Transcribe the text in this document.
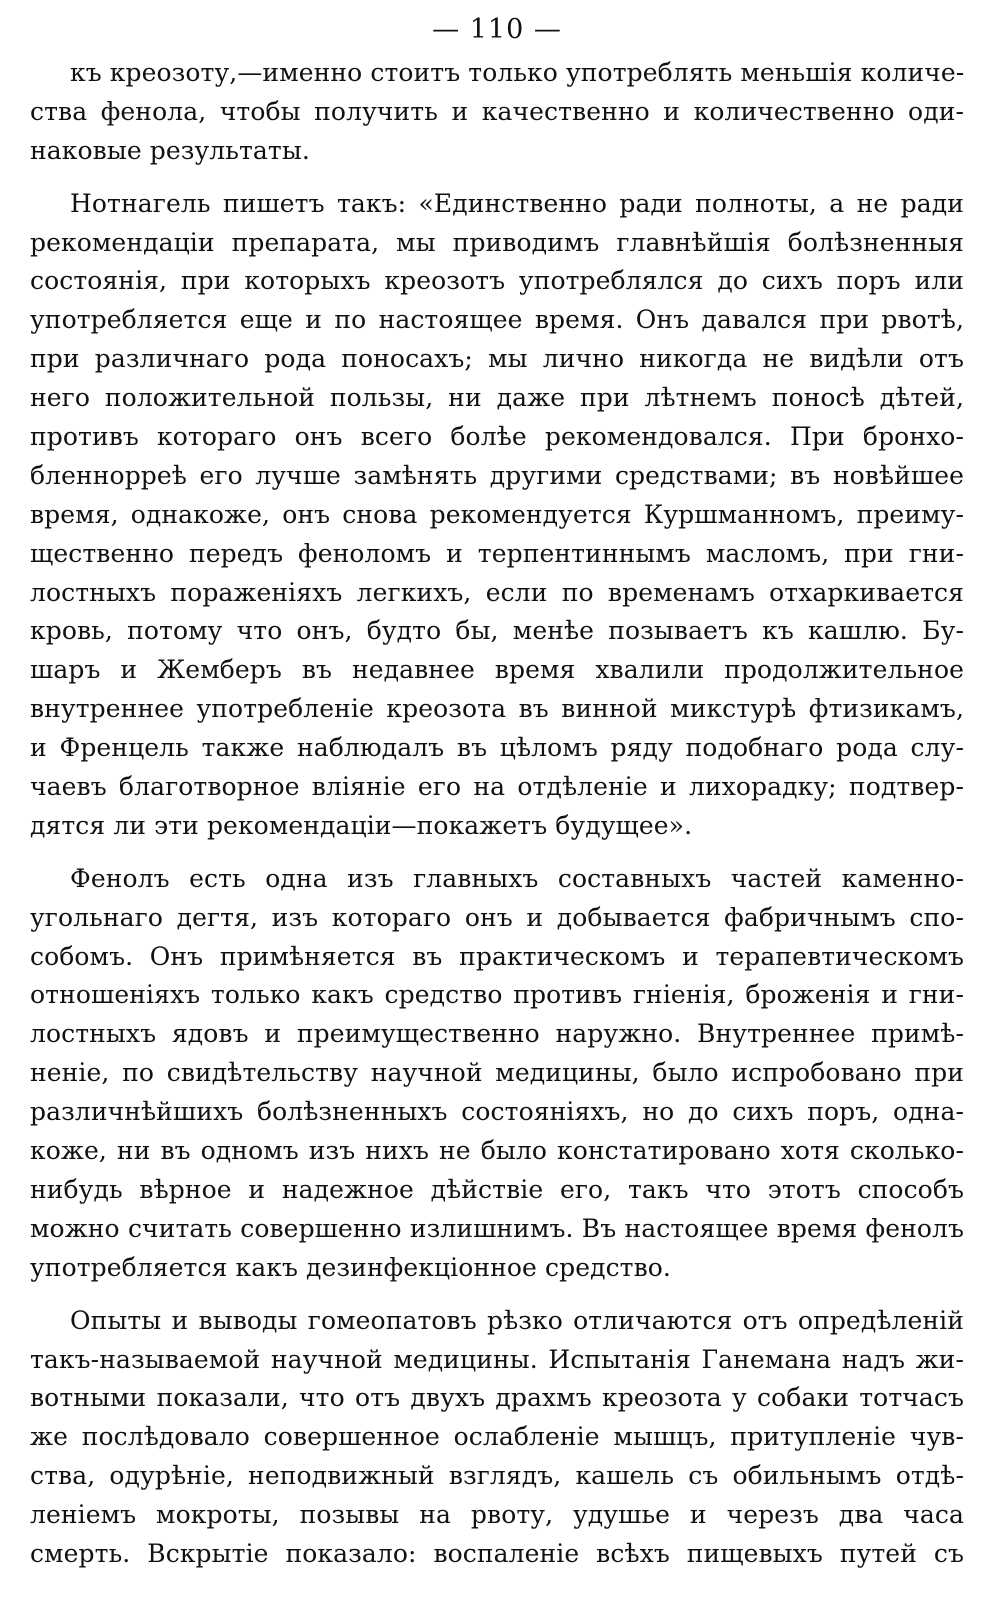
— 110 —
къ креозоту,—именно стоитъ только употреблять меньшія количе-
ства фенола, чтобы получить и качественно и количественно оди-
наковые результаты.
Нотнагель пишетъ такъ: «Единственно ради полноты, а не ради
рекомендаціи препарата, мы приводимъ главнѣйшія болѣзненныя
состоянія, при которыхъ креозотъ употреблялся до сихъ поръ или
употребляется еще и по настоящее время. Онъ давался при рвотѣ,
при различнаго рода поносахъ; мы лично никогда не видѣли отъ
него положительной пользы, ни даже при лѣтнемъ поносѣ дѣтей,
противъ котораго онъ всего болѣе рекомендовался. При бронхо-
бленноррeѣ его лучше замѣнять другими средствами; въ новѣйшее
время, однакоже, онъ снова рекомендуется Куршманномъ, преиму-
щественно передъ феноломъ и терпентиннымъ масломъ, при гни-
лостныхъ пораженіяхъ легкихъ, если по временамъ отхаркивается
кровь, потому что онъ, будто бы, менѣе позываетъ къ кашлю. Бу-
шаръ и Жемберъ въ недавнее время хвалили продолжительное
внутреннее употребленіе креозота въ винной микстурѣ фтизикамъ,
и Френцель также наблюдалъ въ цѣломъ ряду подобнаго рода слу-
чаевъ благотворное вліяніе его на отдѣленіе и лихорадку; подтвер-
дятся ли эти рекомендаціи—покажетъ будущее».
Фенолъ есть одна изъ главныхъ составныхъ частей каменно-
угольнаго дегтя, изъ котораго онъ и добывается фабричнымъ спо-
собомъ. Онъ примѣняется въ практическомъ и терапевтическомъ
отношеніяхъ только какъ средство противъ гніенія, броженія и гни-
лостныхъ ядовъ и преимущественно наружно. Внутреннее примѣ-
неніе, по свидѣтельству научной медицины, было испробовано при
различнѣйшихъ болѣзненныхъ состояніяхъ, но до сихъ поръ, одна-
коже, ни въ одномъ изъ нихъ не было констатировано хотя сколько-
нибудь вѣрное и надежное дѣйствіе его, такъ что этотъ способъ
можно считать совершенно излишнимъ. Въ настоящее время фенолъ
употребляется какъ дезинфекціонное средство.
Опыты и выводы гомеопатовъ рѣзко отличаются отъ опредѣленій
такъ-называемой научной медицины. Испытанія Ганемана надъ жи-
вотными показали, что отъ двухъ драхмъ креозота у собаки тотчасъ
же послѣдовало совершенное ослабленіе мышцъ, притупленіе чув-
ства, одурѣніе, неподвижный взглядъ, кашель съ обильнымъ отдѣ-
леніемъ мокроты, позывы на рвоту, удушье и черезъ два часа
смерть. Вскрытіе показало: воспаленіе всѣхъ пищевыхъ путей съ
